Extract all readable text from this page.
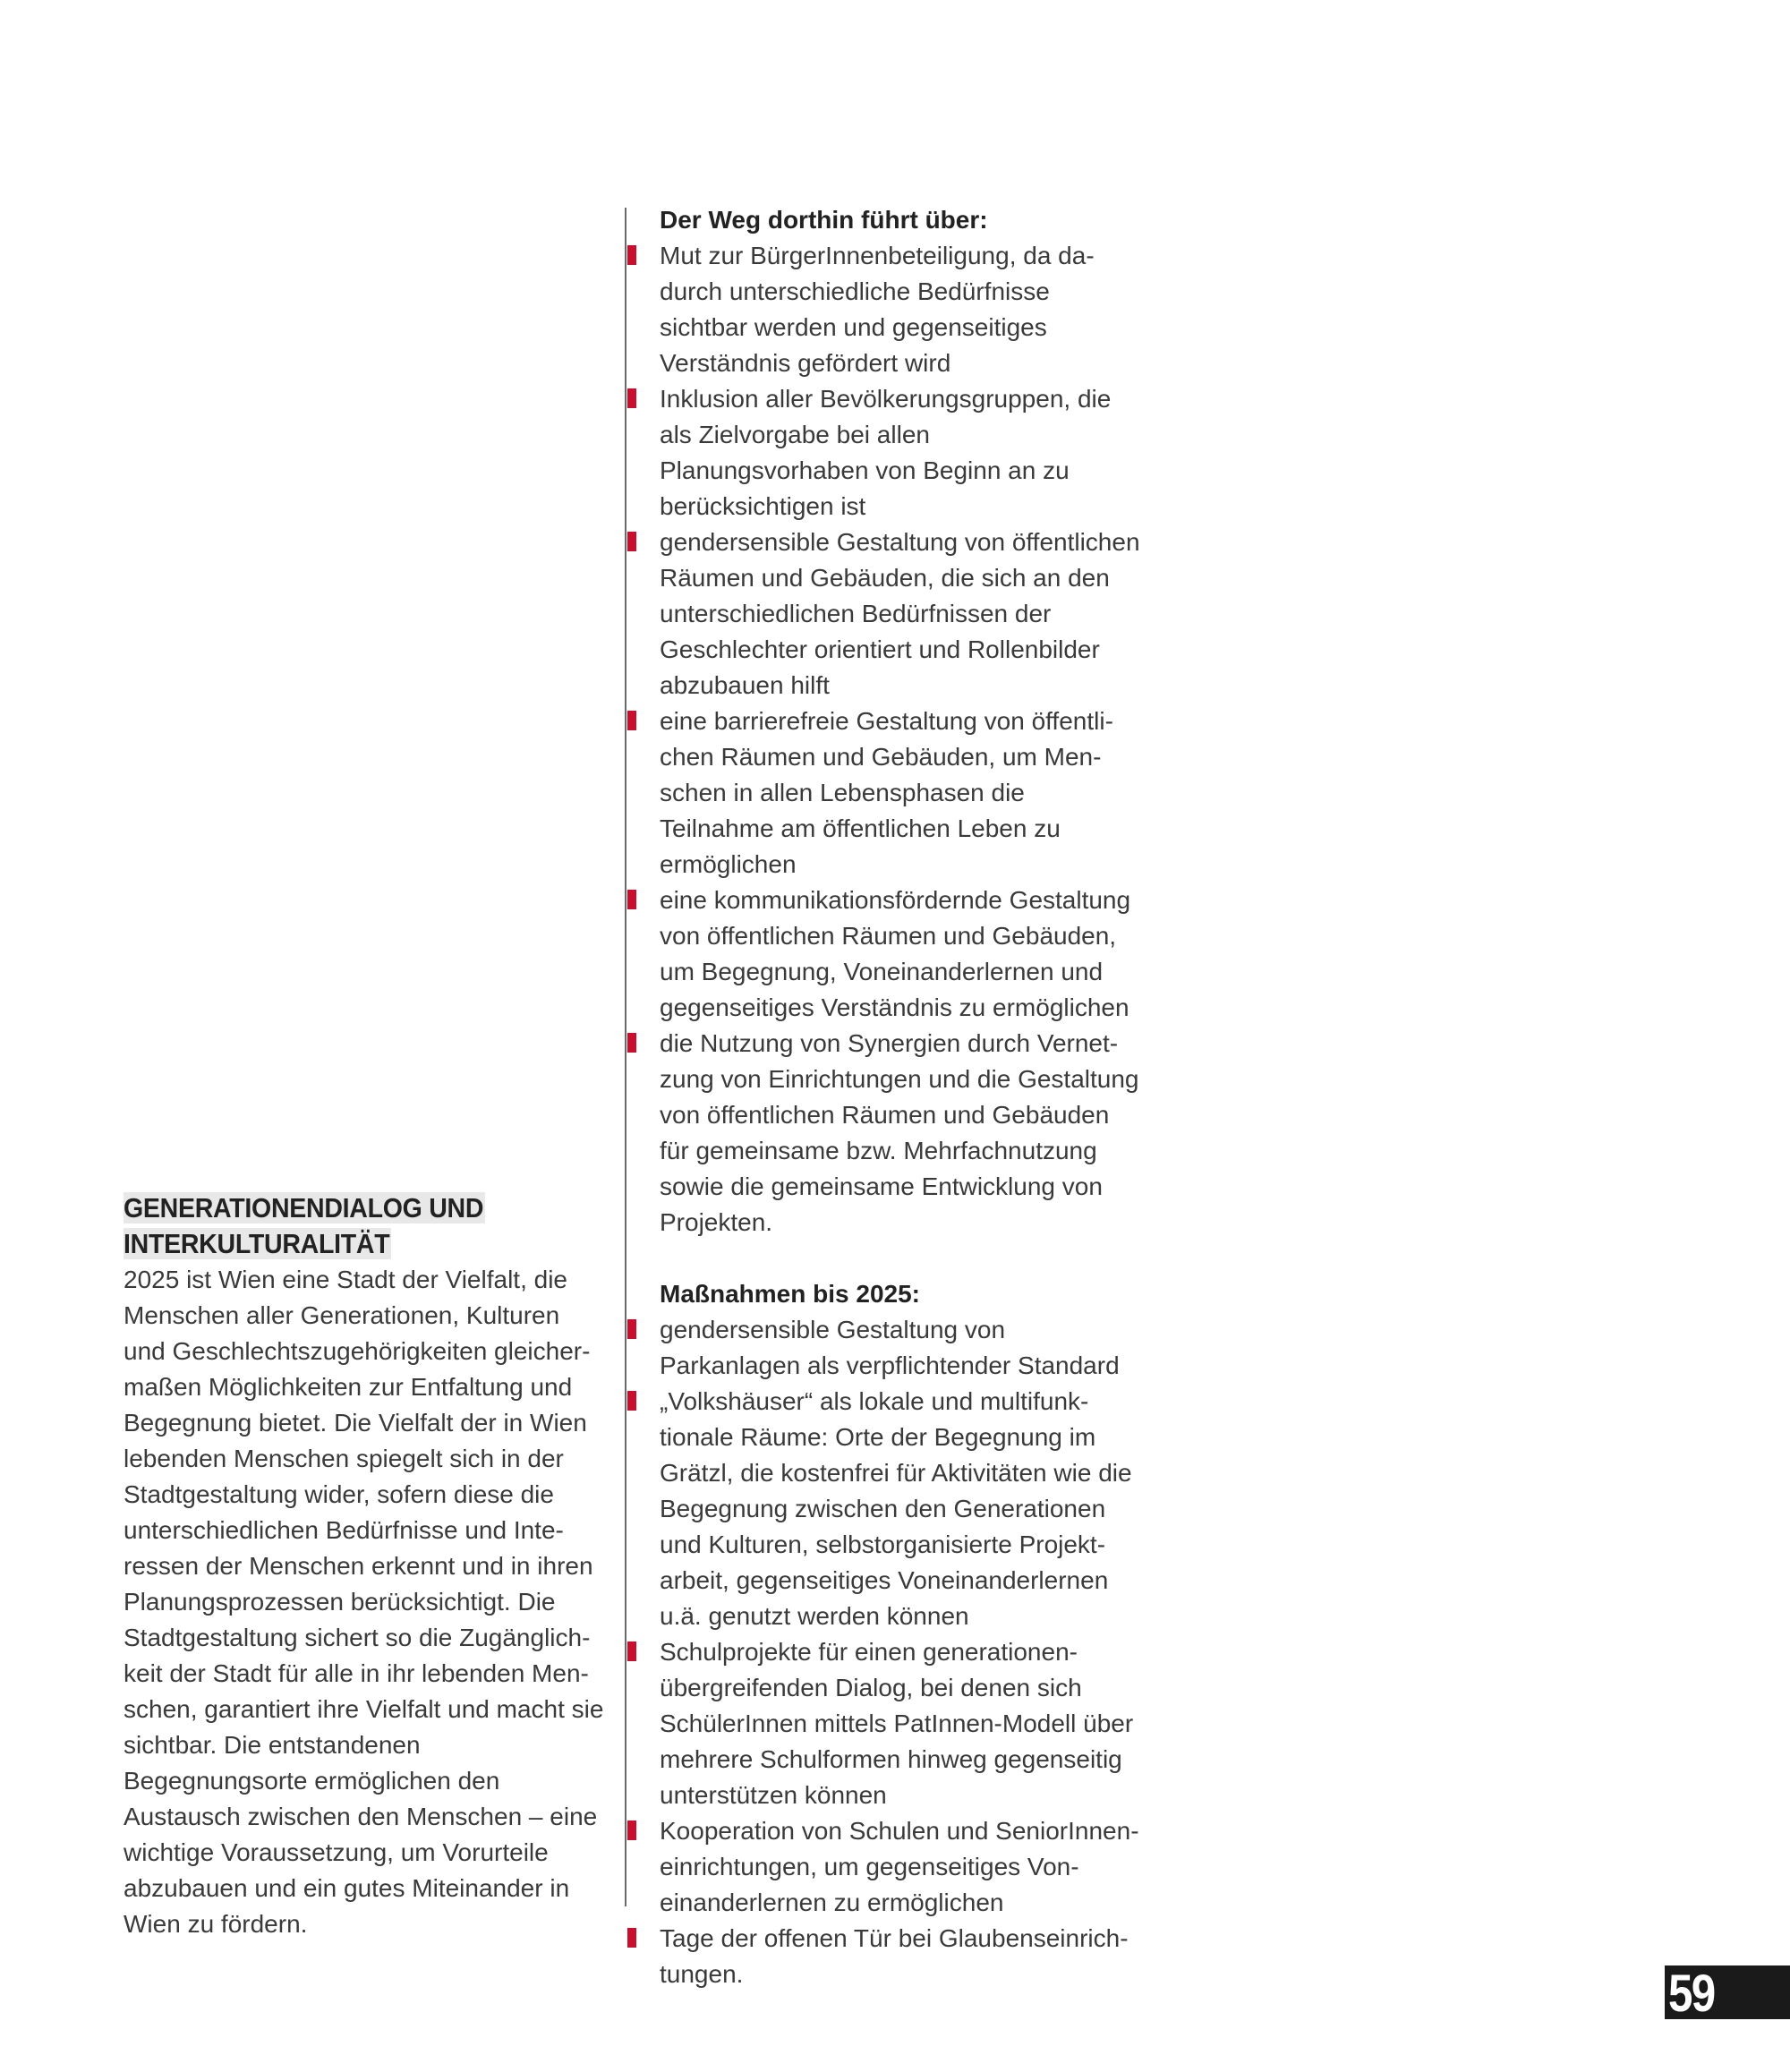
GENERATIONENDIALOG UND
INTERKULTURALITÄT

2025 ist Wien eine Stadt der Vielfalt, die Menschen aller Generationen, Kulturen und Geschlechtszugehörigkeiten gleichermaßen Möglichkeiten zur Entfaltung und Begegnung bietet. Die Vielfalt der in Wien lebenden Menschen spiegelt sich in der Stadtgestaltung wider, sofern diese die unterschiedlichen Bedürfnisse und Interessen der Menschen erkennt und in ihren Planungsprozessen berücksichtigt. Die Stadtgestaltung sichert so die Zugänglichkeit der Stadt für alle in ihr lebenden Menschen, garantiert ihre Vielfalt und macht sie sichtbar. Die entstandenen Begegnungsorte ermöglichen den Austausch zwischen den Menschen – eine wichtige Voraussetzung, um Vorurteile abzubauen und ein gutes Miteinander in Wien zu fördern.

Der Weg dorthin führt über:
Mut zur BürgerInnenbeteiligung, da dadurch unterschiedliche Bedürfnisse sichtbar werden und gegenseitiges Verständnis gefördert wird
Inklusion aller Bevölkerungsgruppen, die als Zielvorgabe bei allen Planungsvorhaben von Beginn an zu berücksichtigen ist
gendersensible Gestaltung von öffentlichen Räumen und Gebäuden, die sich an den unterschiedlichen Bedürfnissen der Geschlechter orientiert und Rollenbilder abzubauen hilft
eine barrierefreie Gestaltung von öffentlichen Räumen und Gebäuden, um Menschen in allen Lebensphasen die Teilnahme am öffentlichen Leben zu ermöglichen
eine kommunikationsfördernde Gestaltung von öffentlichen Räumen und Gebäuden, um Begegnung, Voneinanderlernen und gegenseitiges Verständnis zu ermöglichen
die Nutzung von Synergien durch Vernetzung von Einrichtungen und die Gestaltung von öffentlichen Räumen und Gebäuden für gemeinsame bzw. Mehrfachnutzung sowie die gemeinsame Entwicklung von Projekten.
Maßnahmen bis 2025:
gendersensible Gestaltung von Parkanlagen als verpflichtender Standard
„Volkshäuser“ als lokale und multifunktionale Räume: Orte der Begegnung im Grätzl, die kostenfrei für Aktivitäten wie die Begegnung zwischen den Generationen und Kulturen, selbstorganisierte Projektarbeit, gegenseitiges Voneinanderlernen u.ä. genutzt werden können
Schulprojekte für einen generationenübergreifenden Dialog, bei denen sich SchülerInnen mittels PatInnen-Modell über mehrere Schulformen hinweg gegenseitig unterstützen können
Kooperation von Schulen und SeniorInneneinrichtungen, um gegenseitiges Voneinanderlernen zu ermöglichen
Tage der offenen Tür bei Glaubenseinrichtungen.	59
